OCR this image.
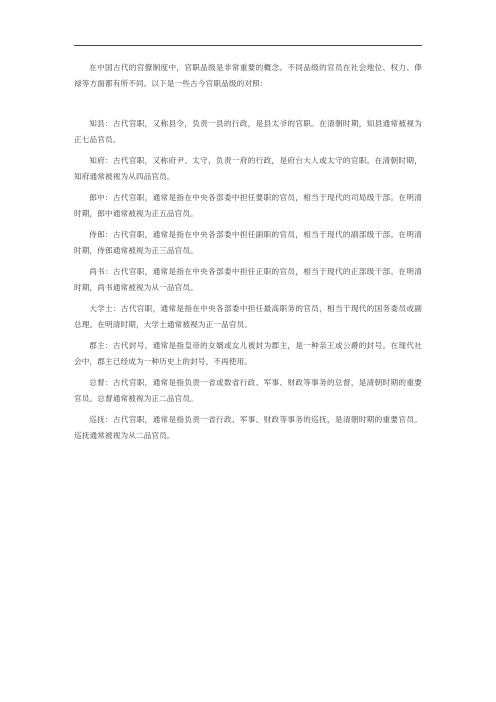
在中国古代的官僚制度中，官职品级是非常重要的概念。不同品级的官员在社会地位、权力、俸禄等方面都有所不同。以下是一些古今官职品级的对照：

知县：古代官职，又称县令，负责一县的行政，是县太爷的官职。在清朝时期，知县通常被视为正七品官员。

知府：古代官职，又称府尹、太守，负责一府的行政，是府台大人或太守的官职。在清朝时期，知府通常被视为从四品官员。

郎中：古代官职，通常是指在中央各部委中担任要职的官员，相当于现代的司局级干部。在明清时期，郎中通常被视为正五品官员。

侍郎：古代官职，通常是指在中央各部委中担任副职的官员，相当于现代的副部级干部。在明清时期，侍郎通常被视为正三品官员。

尚书：古代官职，通常是指在中央各部委中担任正职的官员，相当于现代的正部级干部。在明清时期，尚书通常被视为从一品官员。

大学士：古代官职，通常是指在中央各部委中担任最高职务的官员，相当于现代的国务委员或副总理。在明清时期，大学士通常被视为正一品官员。

郡主：古代封号，通常是指皇帝的女婿或女儿被封为郡主，是一种亲王或公爵的封号。在现代社会中，郡主已经成为一种历史上的封号，不再使用。

总督：古代官职，通常是指负责一省或数省行政、军事、财政等事务的总督，是清朝时期的重要官员。总督通常被视为正二品官员。

巡抚：古代官职，通常是指负责一省行政、军事、财政等事务的巡抚，是清朝时期的重要官员。巡抚通常被视为从二品官员。
